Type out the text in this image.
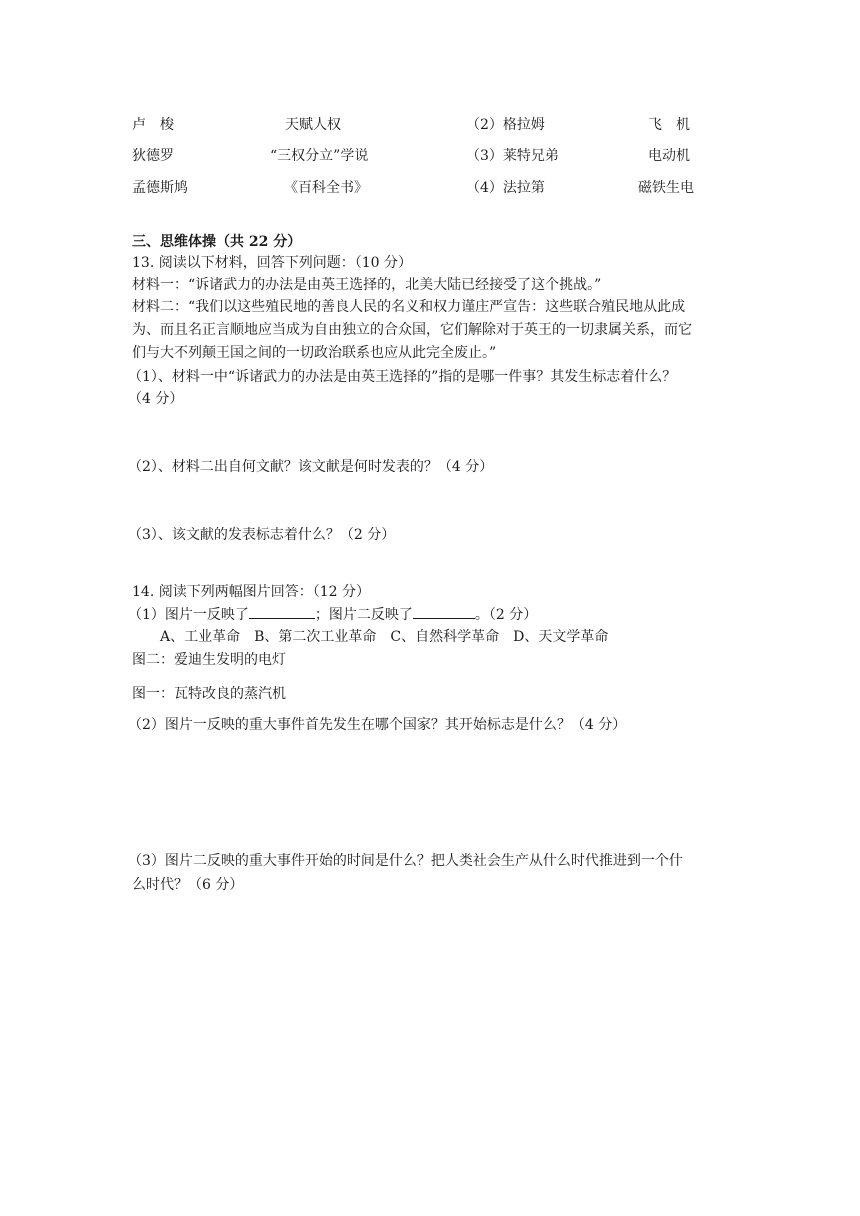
卢　梭	天赋人权	（2）格拉姆	飞　机
狄德罗	“三权分立”学说	（3）莱特兄弟	电动机
孟德斯鸠	《百科全书》	（4）法拉第	磁铁生电
三、思维体操（共 22 分）
13. 阅读以下材料，回答下列问题：（10 分）
材料一：“诉诸武力的办法是由英王选择的，北美大陆已经接受了这个挑战。”
材料二：“我们以这些殖民地的善良人民的名义和权力谨庄严宣告：这些联合殖民地从此成
为、而且名正言顺地应当成为自由独立的合众国，它们解除对于英王的一切隶属关系，而它
们与大不列颠王国之间的一切政治联系也应从此完全废止。”
（1）、材料一中“诉诸武力的办法是由英王选择的”指的是哪一件事？其发生标志着什么？
（4 分）
（2）、材料二出自何文献？该文献是何时发表的？（4 分）
（3）、该文献的发表标志着什么？（2 分）
14. 阅读下列两幅图片回答：（12 分）
（1）图片一反映了	；图片二反映了	。（2 分）
A、工业革命　B、第二次工业革命　C、自然科学革命　D、天文学革命
图二：爱迪生发明的电灯
图一：瓦特改良的蒸汽机
（2）图片一反映的重大事件首先发生在哪个国家？其开始标志是什么？（4 分）
（3）图片二反映的重大事件开始的时间是什么？把人类社会生产从什么时代推进到一个什
么时代？（6 分）
